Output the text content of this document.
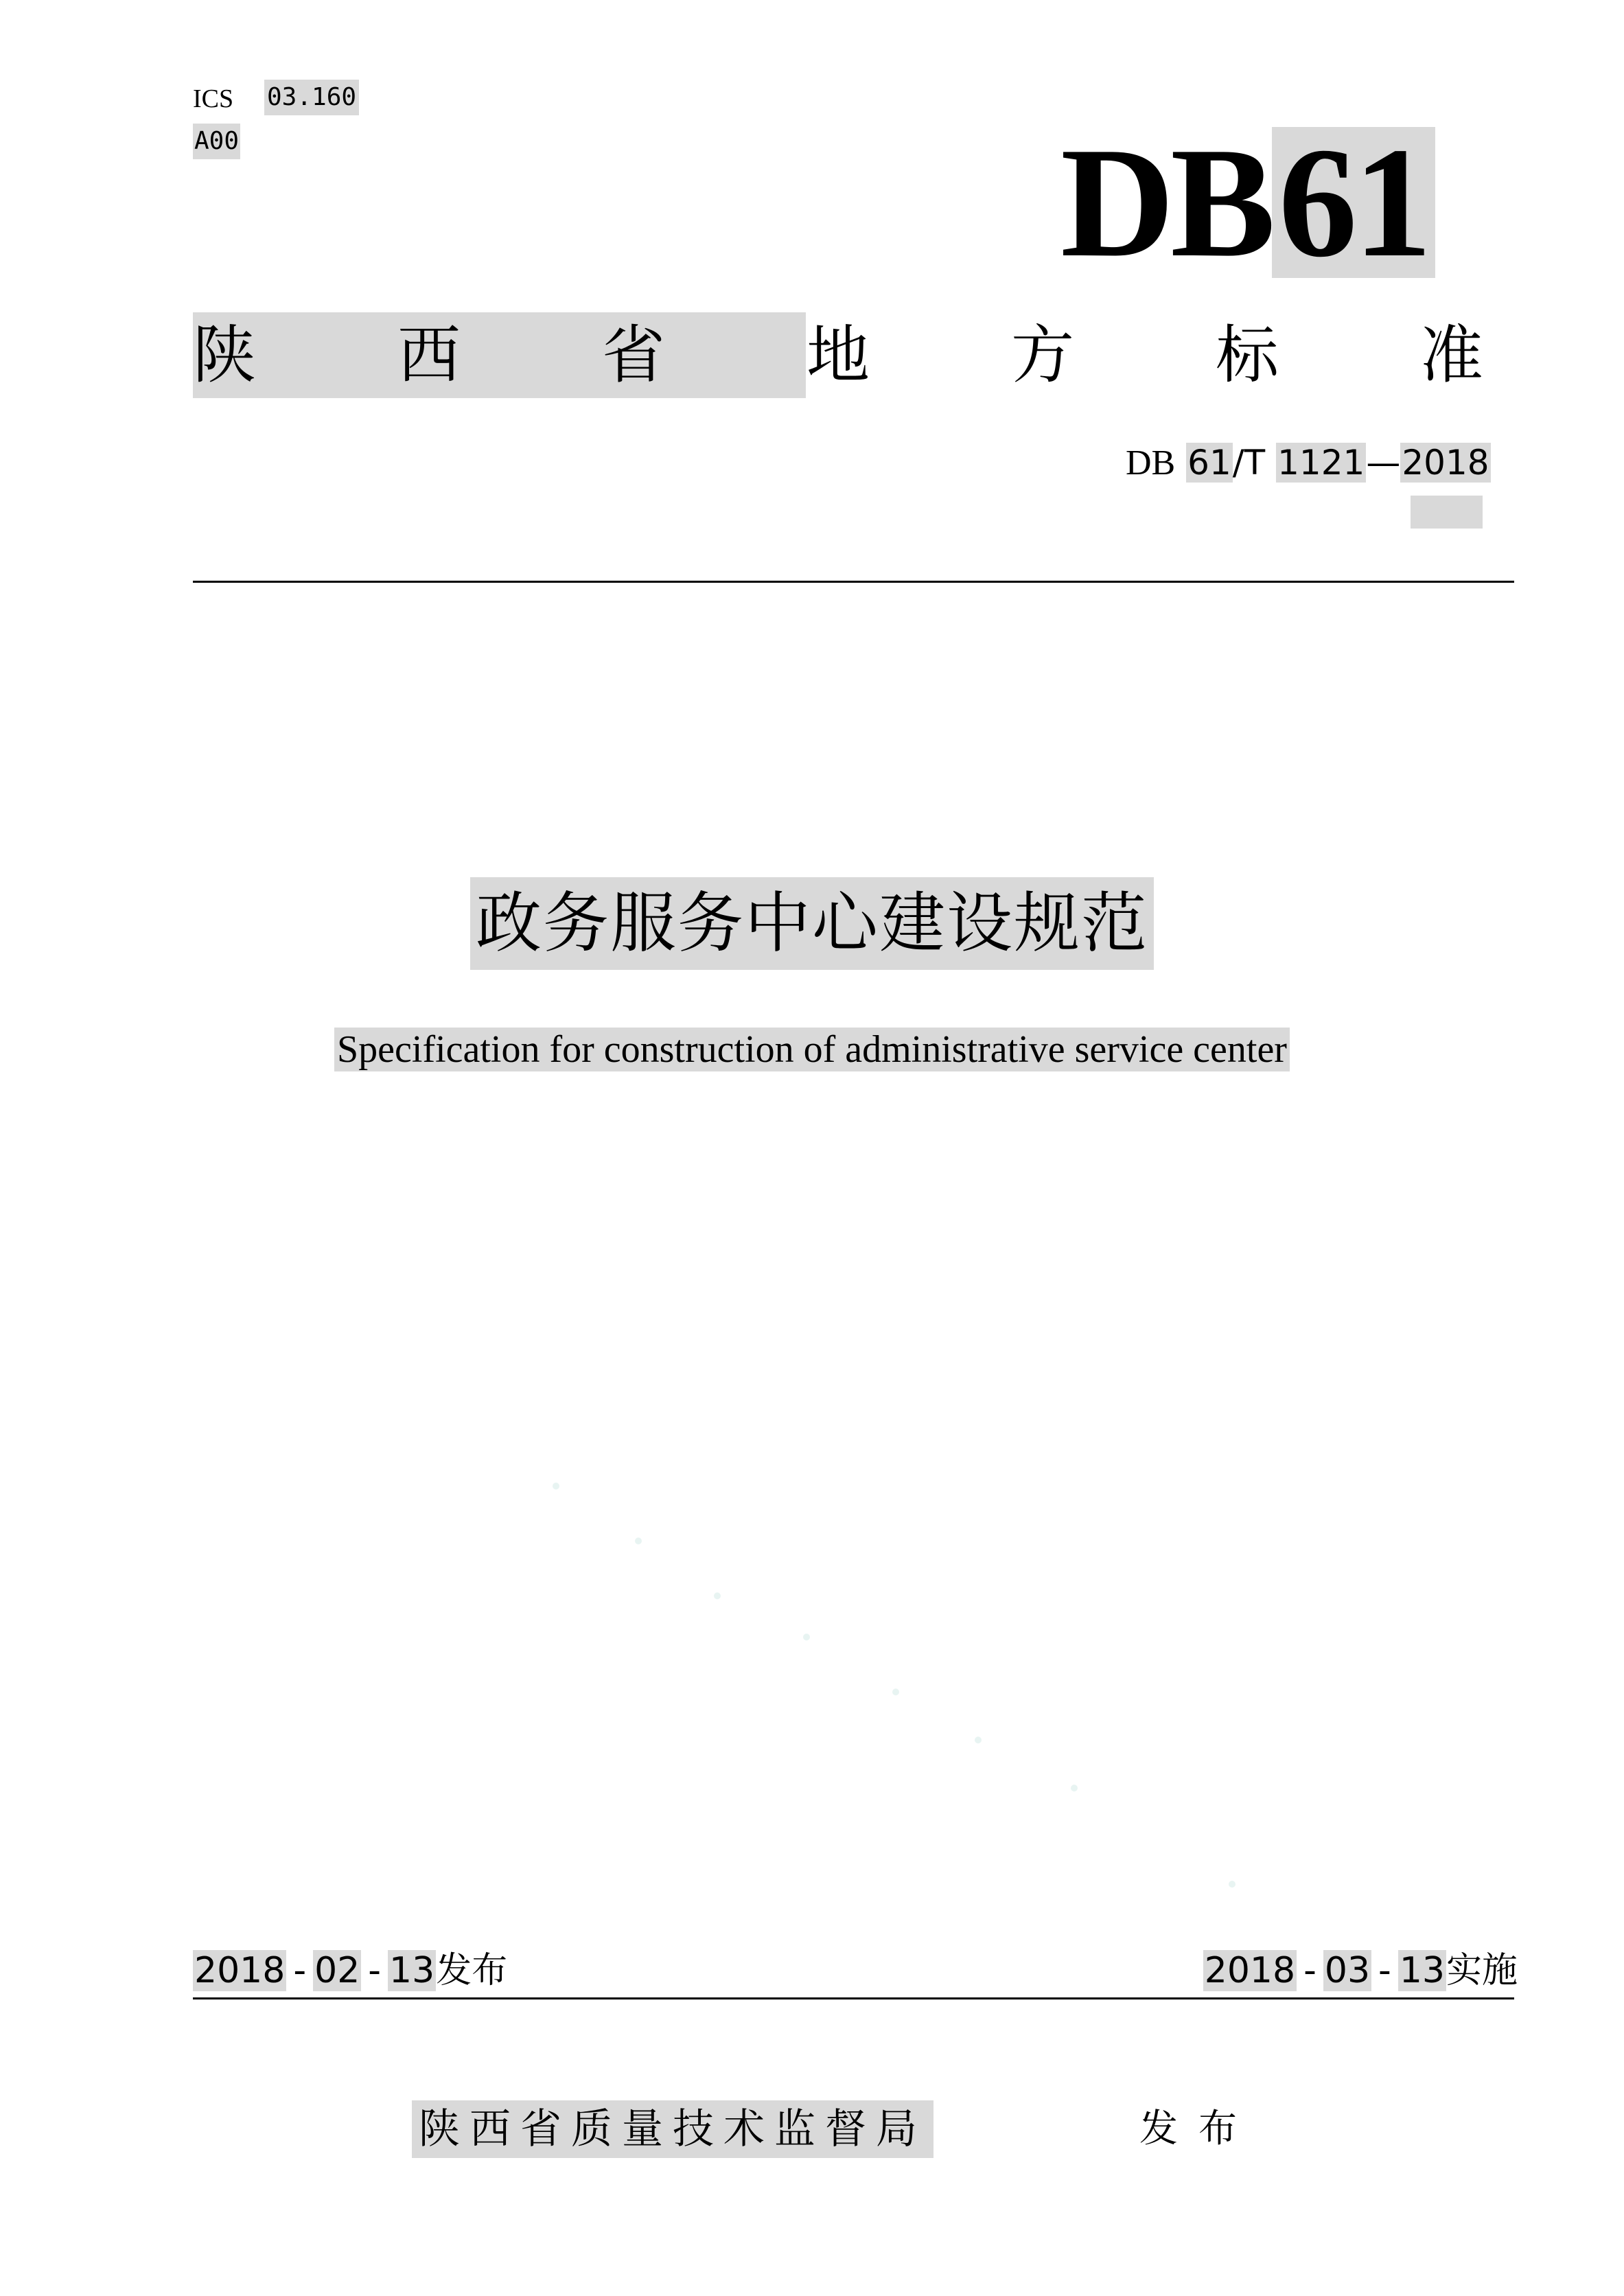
ICS 03.160
A00	DB61
陕 西 省 地 方 标 准
DB 61/T 1121—2018
政务服务中心建设规范
Specification for construction of administrative service center
2018 - 02 - 13发布	2018 - 03 - 13实施
陕西省质量技术监督局	发布
